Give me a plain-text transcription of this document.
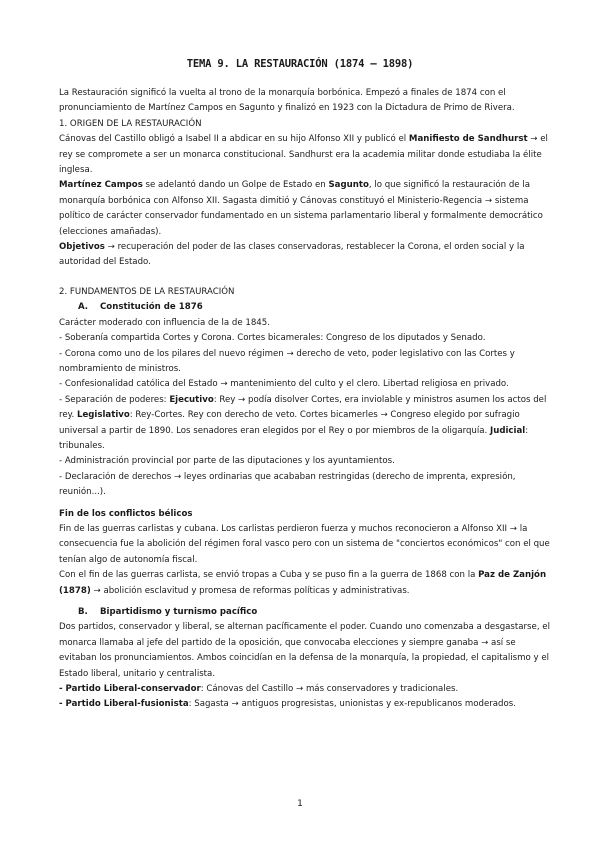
TEMA 9. LA RESTAURACIÓN (1874 – 1898)

La Restauración significó la vuelta al trono de la monarquía borbónica. Empezó a finales de 1874 con el pronunciamiento de Martínez Campos en Sagunto y finalizó en 1923 con la Dictadura de Primo de Rivera.

1. ORIGEN DE LA RESTAURACIÓN

Cánovas del Castillo obligó a Isabel II a abdicar en su hijo Alfonso XII y publicó el Manifiesto de Sandhurst → el rey se compromete a ser un monarca constitucional. Sandhurst era la academia militar donde estudiaba la élite inglesa.

Martínez Campos se adelantó dando un Golpe de Estado en Sagunto, lo que significó la restauración de la monarquía borbónica con Alfonso XII. Sagasta dimitió y Cánovas constituyó el Ministerio-Regencia → sistema político de carácter conservador fundamentado en un sistema parlamentario liberal y formalmente democrático (elecciones amañadas).

Objetivos → recuperación del poder de las clases conservadoras, restablecer la Corona, el orden social y la autoridad del Estado.

2. FUNDAMENTOS DE LA RESTAURACIÓN

A. Constitución de 1876

Carácter moderado con influencia de la de 1845.

- Soberanía compartida Cortes y Corona. Cortes bicamerales: Congreso de los diputados y Senado.

- Corona como uno de los pilares del nuevo régimen → derecho de veto, poder legislativo con las Cortes y nombramiento de ministros.

- Confesionalidad católica del Estado → mantenimiento del culto y el clero. Libertad religiosa en privado.

- Separación de poderes: Ejecutivo: Rey → podía disolver Cortes, era inviolable y ministros asumen los actos del rey. Legislativo: Rey-Cortes. Rey con derecho de veto. Cortes bicamerles → Congreso elegido por sufragio universal a partir de 1890. Los senadores eran elegidos por el Rey o por miembros de la oligarquía. Judicial: tribunales.

- Administración provincial por parte de las diputaciones y los ayuntamientos.

- Declaración de derechos → leyes ordinarias que acababan restringidas (derecho de imprenta, expresión, reunión...).

Fin de los conflictos bélicos

Fin de las guerras carlistas y cubana. Los carlistas perdieron fuerza y muchos reconocieron a Alfonso XII → la consecuencia fue la abolición del régimen foral vasco pero con un sistema de "conciertos económicos" con el que tenían algo de autonomía fiscal.

Con el fin de las guerras carlista, se envió tropas a Cuba y se puso fin a la guerra de 1868 con la Paz de Zanjón (1878) → abolición esclavitud y promesa de reformas políticas y administrativas.

B. Bipartidismo y turnismo pacífico

Dos partidos, conservador y liberal, se alternan pacíficamente el poder. Cuando uno comenzaba a desgastarse, el monarca llamaba al jefe del partido de la oposición, que convocaba elecciones y siempre ganaba → así se evitaban los pronunciamientos. Ambos coincidían en la defensa de la monarquía, la propiedad, el capitalismo y el Estado liberal, unitario y centralista.

- Partido Liberal-conservador: Cánovas del Castillo → más conservadores y tradicionales.

- Partido Liberal-fusionista: Sagasta → antiguos progresistas, unionistas y ex-republicanos moderados.

1
